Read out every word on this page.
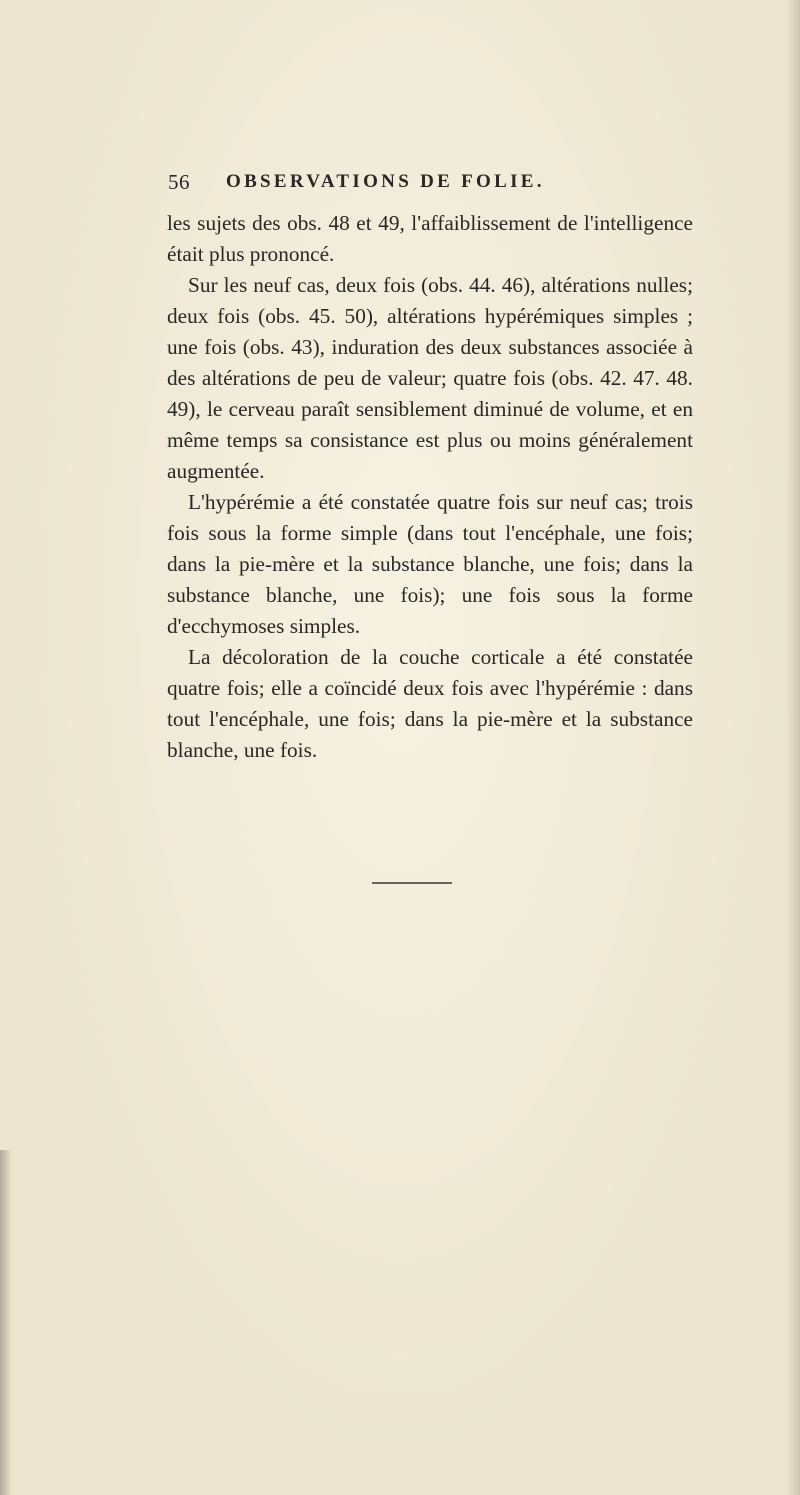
56 OBSERVATIONS DE FOLIE.

les sujets des obs. 48 et 49, l'affaiblissement de l'intelligence était plus prononcé.

Sur les neuf cas, deux fois (obs. 44. 46), altérations nulles; deux fois (obs. 45. 50), altérations hypérémiques simples ; une fois (obs. 43), induration des deux substances associée à des altérations de peu de valeur; quatre fois (obs. 42. 47. 48. 49), le cerveau paraît sensiblement diminué de volume, et en même temps sa consistance est plus ou moins généralement augmentée.

L'hypérémie a été constatée quatre fois sur neuf cas; trois fois sous la forme simple (dans tout l'encéphale, une fois; dans la pie-mère et la substance blanche, une fois; dans la substance blanche, une fois); une fois sous la forme d'ecchymoses simples.

La décoloration de la couche corticale a été constatée quatre fois; elle a coïncidé deux fois avec l'hypérémie : dans tout l'encéphale, une fois; dans la pie-mère et la substance blanche, une fois.
